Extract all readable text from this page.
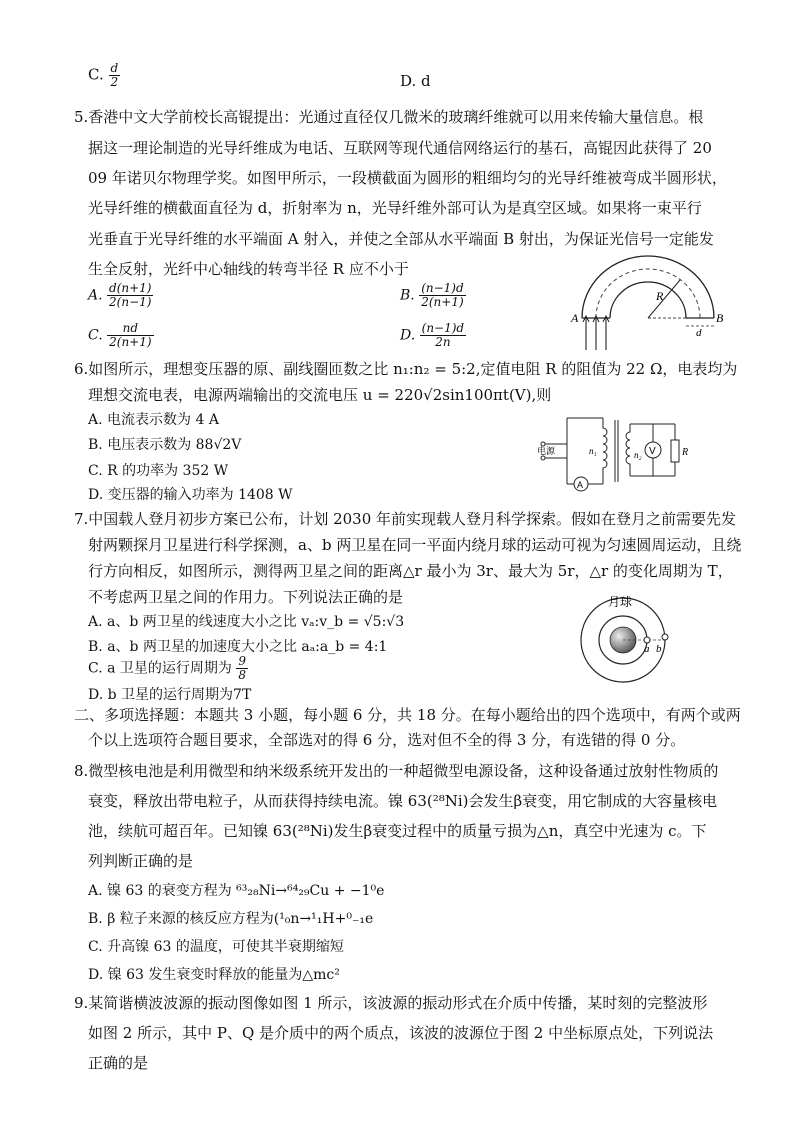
C. $\frac{d}{2}$	D. d
5.香港中文大学前校长高锟提出：光通过直径仅几微米的玻璃纤维就可以用来传输大量信息。根
据这一理论制造的光导纤维成为电话、互联网等现代通信网络运行的基石，高锟因此获得了 20
09 年诺贝尔物理学奖。如图甲所示，一段横截面为圆形的粗细均匀的光导纤维被弯成半圆形状，
光导纤维的横截面直径为 d，折射率为 n，光导纤维外部可认为是真空区域。如果将一束平行
光垂直于光导纤维的水平端面 A 射入，并使之全部从水平端面 B 射出，为保证光信号一定能发
生全反射，光纤中心轴线的转弯半径 R 应不小于
A. $\frac{d(n+1)}{2(n-1)}$	B. $\frac{(n-1)d}{2(n+1)}$
C. $\frac{nd}{2(n+1)}$	D. $\frac{(n-1)d}{2n}$
A	B
R
d
6.如图所示，理想变压器的原、副线圈匝数之比 n₁:n₂ = 5:2,定值电阻 R 的阻值为 22 Ω，电表均为
理想交流电表，电源两端输出的交流电压 u = 220√2sin100πt(V),则
A. 电流表示数为 4 A
B. 电压表示数为 88√2V
C. R 的功率为 352 W
D. 变压器的输入功率为 1408 W
电源	n₁	n₂ V	R
A
7.中国载人登月初步方案已公布，计划 2030 年前实现载人登月科学探索。假如在登月之前需要先发
射两颗探月卫星进行科学探测，a、b 两卫星在同一平面内绕月球的运动可视为匀速圆周运动，且绕
行方向相反，如图所示，测得两卫星之间的距离△r 最小为 3r、最大为 5r，△r 的变化周期为 T，
不考虑两卫星之间的作用力。下列说法正确的是
A. a、b 两卫星的线速度大小之比 vₐ:v_b = √5:√3
B. a、b 两卫星的加速度大小之比 aₐ:a_b = 4:1
C. a 卫星的运行周期为 $\frac{9}{8}$
D. b 卫星的运行周期为7T
月球
a b
二、多项选择题：本题共 3 小题，每小题 6 分，共 18 分。在每小题给出的四个选项中，有两个或两
个以上选项符合题目要求，全部选对的得 6 分，选对但不全的得 3 分，有选错的得 0 分。
8.微型核电池是利用微型和纳米级系统开发出的一种超微型电源设备，这种设备通过放射性物质的
衰变，释放出带电粒子，从而获得持续电流。镍 63(²⁸Ni)会发生β衰变，用它制成的大容量核电
池，续航可超百年。已知镍 63(²⁸Ni)发生β衰变过程中的质量亏损为△n，真空中光速为 c。下
列判断正确的是
A. 镍 63 的衰变方程为 ⁶³₂₈Ni→⁶⁴₂₉Cu + −1⁰e
B. β 粒子来源的核反应方程为(¹₀n→¹₁H+⁰₋₁e
C. 升高镍 63 的温度，可使其半衰期缩短
D. 镍 63 发生衰变时释放的能量为△mc²
9.某简谐横波波源的振动图像如图 1 所示，该波源的振动形式在介质中传播，某时刻的完整波形
如图 2 所示，其中 P、Q 是介质中的两个质点，该波的波源位于图 2 中坐标原点处，下列说法
正确的是
